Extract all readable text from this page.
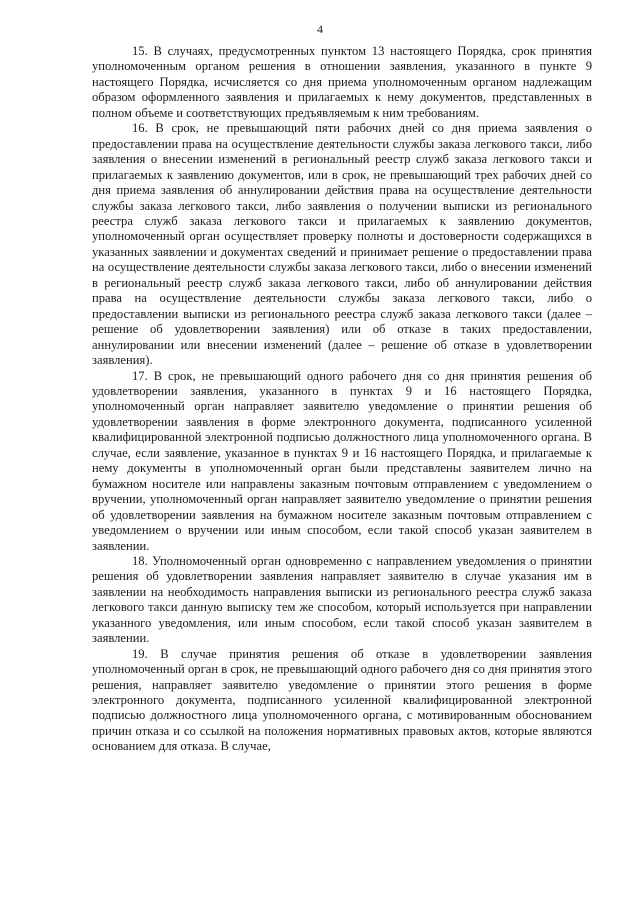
4

15. В случаях, предусмотренных пунктом 13 настоящего Порядка, срок принятия уполномоченным органом решения в отношении заявления, указанного в пункте 9 настоящего Порядка, исчисляется со дня приема уполномоченным органом надлежащим образом оформленного заявления и прилагаемых к нему документов, представленных в полном объеме и соответствующих предъявляемым к ним требованиям.

16. В срок, не превышающий пяти рабочих дней со дня приема заявления о предоставлении права на осуществление деятельности службы заказа легкового такси, либо заявления о внесении изменений в региональный реестр служб заказа легкового такси и прилагаемых к заявлению документов, или в срок, не превышающий трех рабочих дней со дня приема заявления об аннулировании действия права на осуществление деятельности службы заказа легкового такси, либо заявления о получении выписки из регионального реестра служб заказа легкового такси и прилагаемых к заявлению документов, уполномоченный орган осуществляет проверку полноты и достоверности содержащихся в указанных заявлении и документах сведений и принимает решение о предоставлении права на осуществление деятельности службы заказа легкового такси, либо о внесении изменений в региональный реестр служб заказа легкового такси, либо об аннулировании действия права на осуществление деятельности службы заказа легкового такси, либо о предоставлении выписки из регионального реестра служб заказа легкового такси (далее – решение об удовлетворении заявления) или об отказе в таких предоставлении, аннулировании или внесении изменений (далее – решение об отказе в удовлетворении заявления).

17. В срок, не превышающий одного рабочего дня со дня принятия решения об удовлетворении заявления, указанного в пунктах 9 и 16 настоящего Порядка, уполномоченный орган направляет заявителю уведомление о принятии решения об удовлетворении заявления в форме электронного документа, подписанного усиленной квалифицированной электронной подписью должностного лица уполномоченного органа. В случае, если заявление, указанное в пунктах 9 и 16 настоящего Порядка, и прилагаемые к нему документы в уполномоченный орган были представлены заявителем лично на бумажном носителе или направлены заказным почтовым отправлением с уведомлением о вручении, уполномоченный орган направляет заявителю уведомление о принятии решения об удовлетворении заявления на бумажном носителе заказным почтовым отправлением с уведомлением о вручении или иным способом, если такой способ указан заявителем в заявлении.

18. Уполномоченный орган одновременно с направлением уведомления о принятии решения об удовлетворении заявления направляет заявителю в случае указания им в заявлении на необходимость направления выписки из регионального реестра служб заказа легкового такси данную выписку тем же способом, который используется при направлении указанного уведомления, или иным способом, если такой способ указан заявителем в заявлении.

19. В случае принятия решения об отказе в удовлетворении заявления уполномоченный орган в срок, не превышающий одного рабочего дня со дня принятия этого решения, направляет заявителю уведомление о принятии этого решения в форме электронного документа, подписанного усиленной квалифицированной электронной подписью должностного лица уполномоченного органа, с мотивированным обоснованием причин отказа и со ссылкой на положения нормативных правовых актов, которые являются основанием для отказа. В случае,
